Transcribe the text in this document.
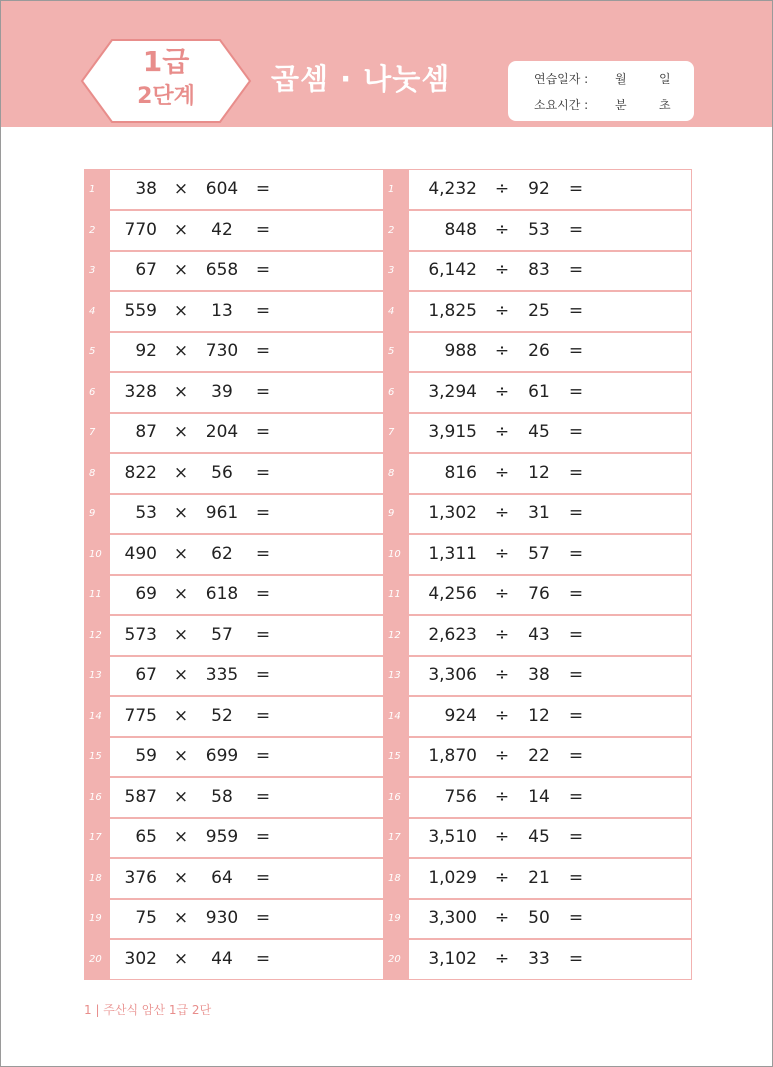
1급
2단계
곱셈 · 나눗셈	연습일자 : 월	일
소요시간 : 분	초
1	38 ×	604	=	1	4,232 ÷	92	=
2	770 ×	42	=	2	848 ÷	53	=
3	67 ×	658	=	3	6,142 ÷	83	=
4	559 ×	13	=	4	1,825 ÷	25	=
5	92 ×	730	=	5	988 ÷	26	=
6	328 ×	39	=	6	3,294 ÷	61	=
7	87 ×	204	=	7	3,915 ÷	45	=
8	822 ×	56	=	8	816 ÷	12	=
9	53 ×	961	=	9	1,302 ÷	31	=
10	490 ×	62	=	10	1,311 ÷	57	=
11	69 ×	618	=	11	4,256 ÷	76	=
12	573 ×	57	=	12	2,623 ÷	43	=
13	67 ×	335	=	13	3,306 ÷	38	=
14	775 ×	52	=	14	924 ÷	12	=
15	59 ×	699	=	15	1,870 ÷	22	=
16	587 ×	58	=	16	756 ÷	14	=
17	65 ×	959	=	17	3,510 ÷	45	=
18	376 ×	64	=	18	1,029 ÷	21	=
19	75 ×	930	=	19	3,300 ÷	50	=
20	302 ×	44	=	20	3,102 ÷	33	=
1 | 주산식 암산 1급 2단
